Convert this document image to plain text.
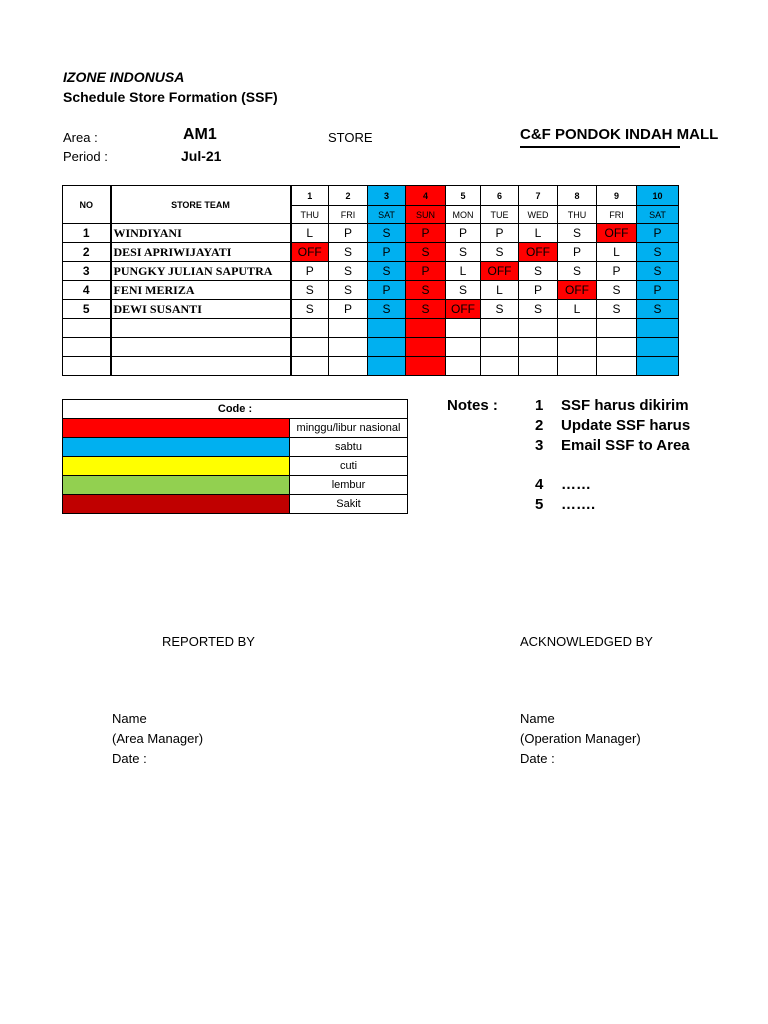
IZONE INDONUSA
Schedule Store Formation (SSF)
Area :	AM1
Period :	Jul-21
STORE	C&F PONDOK INDAH MALL
NO	STORE TEAM	1	2	3	4	5	6	7	8	9	10
		THU	FRI	SAT	SUN	MON	TUE	WED	THU	FRI	SAT
1	WINDIYANI	L	P	S	P	P	P	L	S	OFF	P
2	DESI APRIWIJAYATI	OFF	S	P	S	S	S	OFF	P	L	S
3	PUNGKY JULIAN SAPUTRA	P	S	S	P	L	OFF	S	S	P	S
4	FENI MERIZA	S	S	P	S	S	L	P	OFF	S	P
5	DEWI SUSANTI	S	P	S	S	OFF	S	S	L	S	S

Code :	
	minggu/libur nasional
	sabtu
	cuti
	lembur
	Sakit
Notes : 1 SSF harus dikirim
2 Update SSF harus
3 Email SSF to Area
4 ……
5 …….
REPORTED BY	ACKNOWLEDGED BY
Name
(Area Manager)
Date :
Name
(Operation Manager)
Date :
